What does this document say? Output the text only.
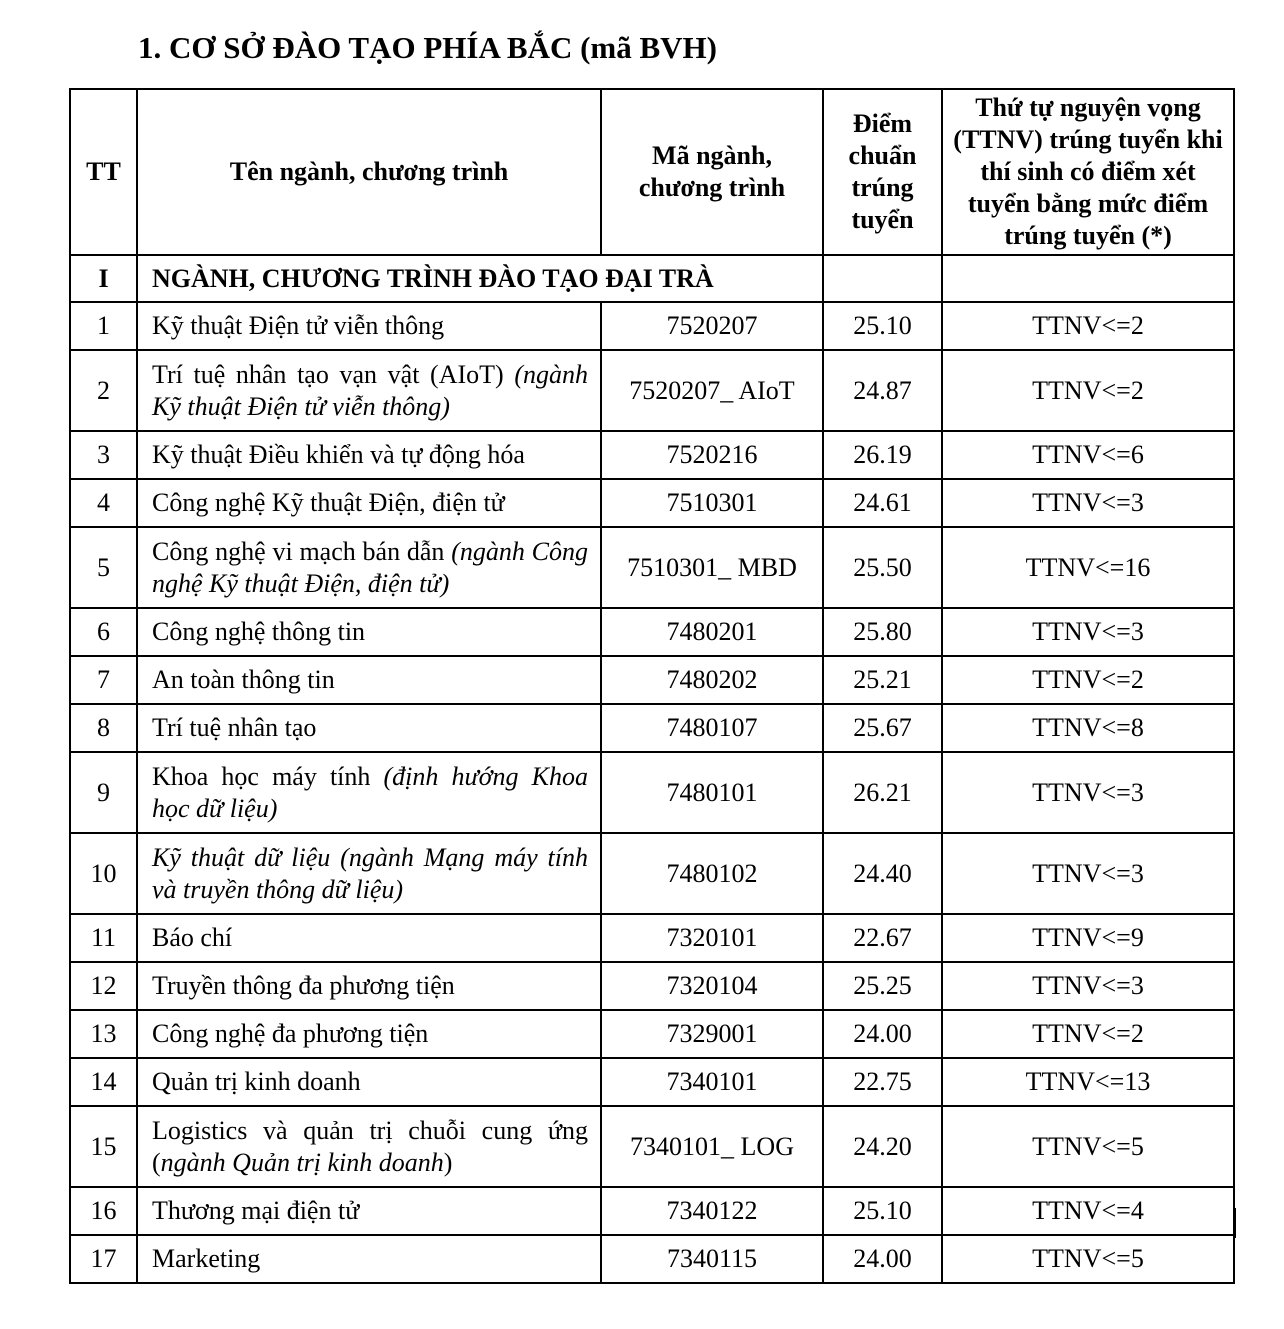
1. CƠ SỞ ĐÀO TẠO PHÍA BẮC (mã BVH)
TT	Tên ngành, chương trình	Mã ngành, chương trình	Điểm chuẩn trúng tuyển	Thứ tự nguyện vọng (TTNV) trúng tuyển khi thí sinh có điểm xét tuyển bằng mức điểm trúng tuyển (*)
I	NGÀNH, CHƯƠNG TRÌNH ĐÀO TẠO ĐẠI TRÀ			
1	Kỹ thuật Điện tử viễn thông	7520207	25.10	TTNV<=2
2	Trí tuệ nhân tạo vạn vật (AIoT) (ngành Kỹ thuật Điện tử viễn thông)	7520207_ AIoT	24.87	TTNV<=2
3	Kỹ thuật Điều khiển và tự động hóa	7520216	26.19	TTNV<=6
4	Công nghệ Kỹ thuật Điện, điện tử	7510301	24.61	TTNV<=3
5	Công nghệ vi mạch bán dẫn (ngành Công nghệ Kỹ thuật Điện, điện tử)	7510301_ MBD	25.50	TTNV<=16
6	Công nghệ thông tin	7480201	25.80	TTNV<=3
7	An toàn thông tin	7480202	25.21	TTNV<=2
8	Trí tuệ nhân tạo	7480107	25.67	TTNV<=8
9	Khoa học máy tính (định hướng Khoa học dữ liệu)	7480101	26.21	TTNV<=3
10	Kỹ thuật dữ liệu (ngành Mạng máy tính và truyền thông dữ liệu)	7480102	24.40	TTNV<=3
11	Báo chí	7320101	22.67	TTNV<=9
12	Truyền thông đa phương tiện	7320104	25.25	TTNV<=3
13	Công nghệ đa phương tiện	7329001	24.00	TTNV<=2
14	Quản trị kinh doanh	7340101	22.75	TTNV<=13
15	Logistics và quản trị chuỗi cung ứng (ngành Quản trị kinh doanh)	7340101_ LOG	24.20	TTNV<=5
16	Thương mại điện tử	7340122	25.10	TTNV<=4
17	Marketing	7340115	24.00	TTNV<=5
